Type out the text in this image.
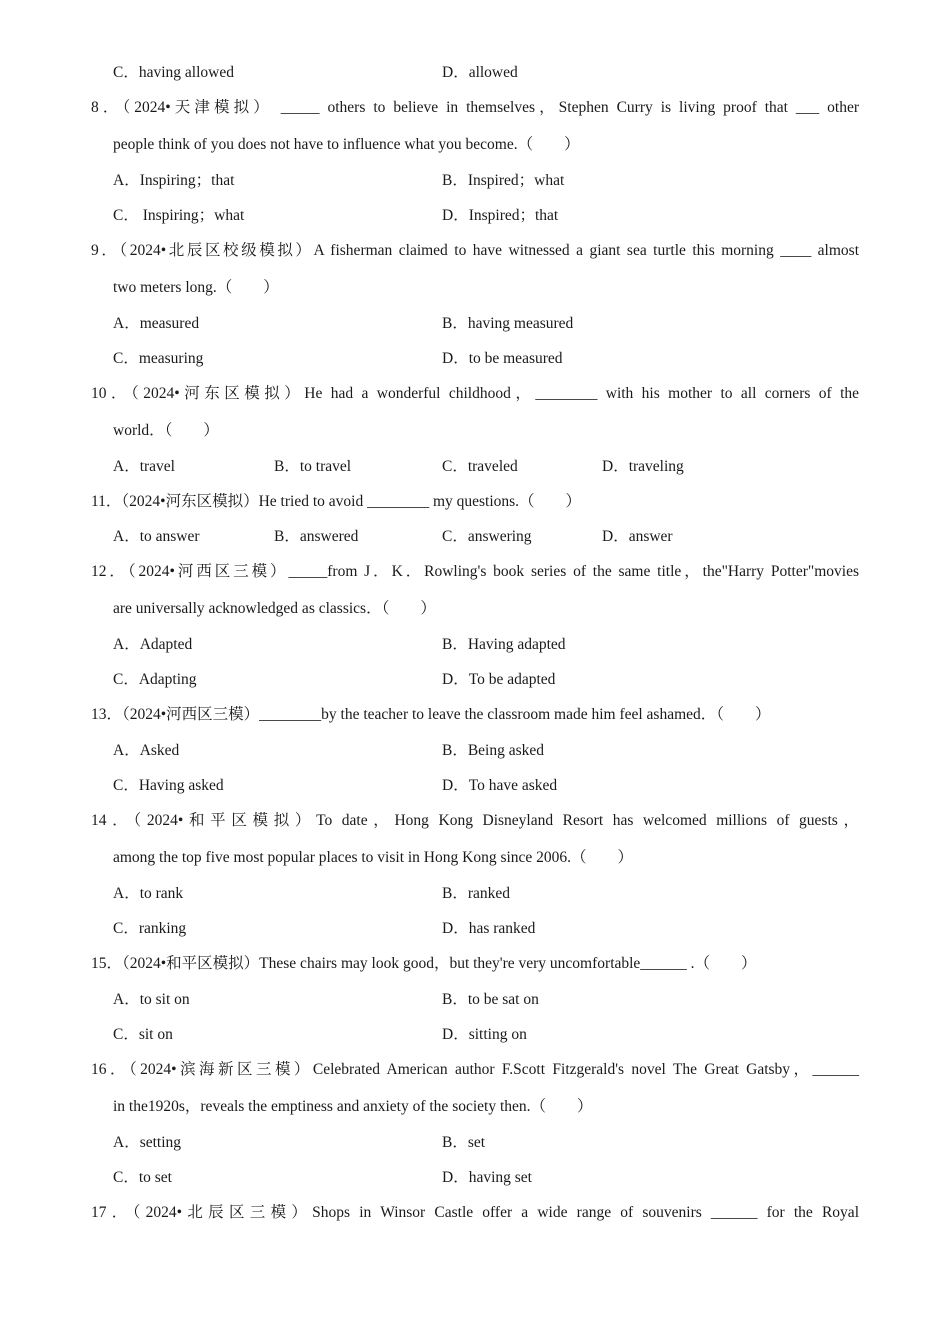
C．having allowed	D．allowed
8．（2024•天津模拟） _____ others to believe in themselves，Stephen Curry is living proof that ___ other
people think of you does not have to influence what you become.（　　）
A．Inspiring；that	B．Inspired；what
C． Inspiring；what	D．Inspired；that
9．（2024•北辰区校级模拟）A fisherman claimed to have witnessed a giant sea turtle this morning ____ almost
two meters long.（　　）
A．measured	B．having measured
C．measuring	D．to be measured
10．（2024•河东区模拟）He had a wonderful childhood，________ with his mother to all corners of the
world．（　　）
A．travel	B．to travel	C．traveled	D．traveling
11．（2024•河东区模拟）He tried to avoid ________ my questions.（　　）
A．to answer	B．answered	C．answering	D．answer
12．（2024•河西区三模）_____from J．K．Rowling's book series of the same title，the"Harry Potter"movies
are universally acknowledged as classics．（　　）
A．Adapted	B．Having adapted
C．Adapting	D．To be adapted
13．（2024•河西区三模）________by the teacher to leave the classroom made him feel ashamed．（　　）
A．Asked	B．Being asked
C．Having asked	D．To have asked
14．（2024•和平区模拟）To date，Hong Kong Disneyland Resort has welcomed millions of guests，
among the top five most popular places to visit in Hong Kong since 2006.（　　）
A．to rank	B．ranked
C．ranking	D．has ranked
15．（2024•和平区模拟）These chairs may look good，but they're very uncomfortable______ .（　　）
A．to sit on	B．to be sat on
C．sit on	D．sitting on
16．（2024•滨海新区三模）Celebrated American author F.Scott Fitzgerald's novel The Great Gatsby，______
in the1920s，reveals the emptiness and anxiety of the society then.（　　）
A．setting	B．set
C．to set	D．having set
17．（2024•北辰区三模）Shops in Winsor Castle offer a wide range of souvenirs ______ for the Royal
